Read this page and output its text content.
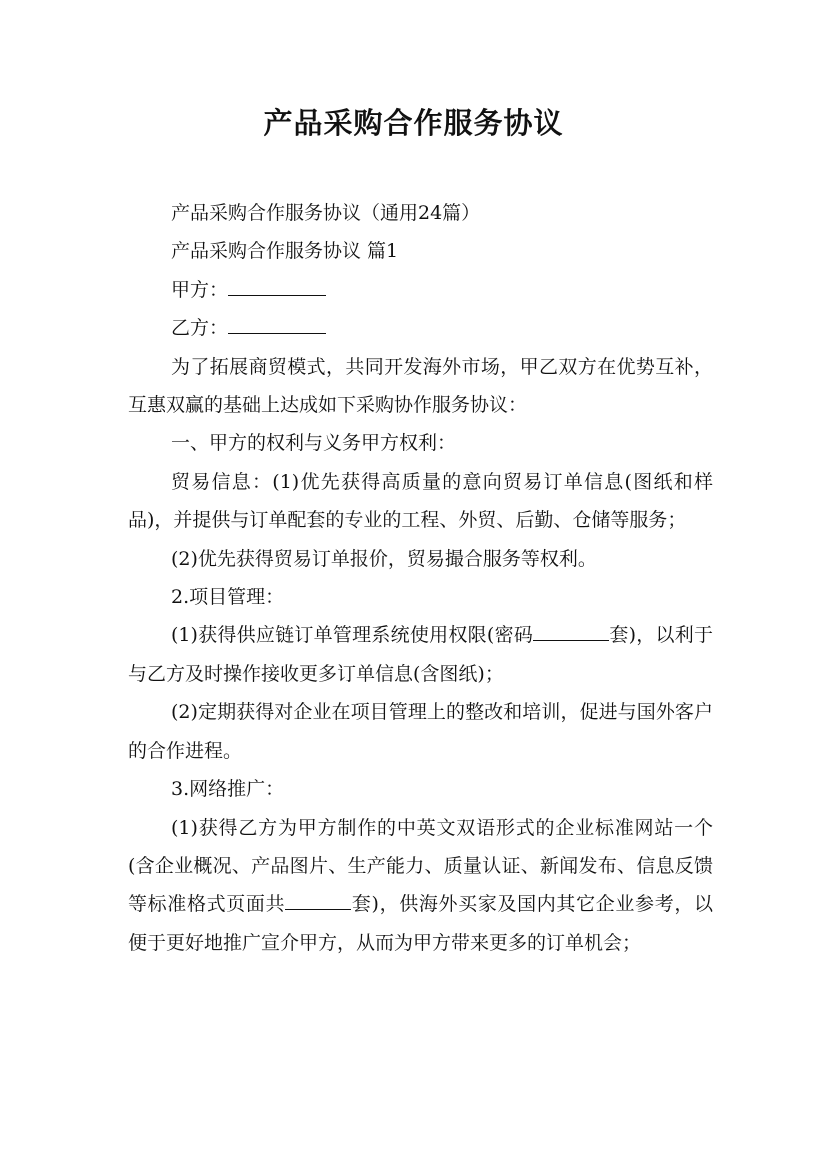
产品采购合作服务协议

产品采购合作服务协议（通用24篇）

产品采购合作服务协议 篇1

甲方：

乙方：

为了拓展商贸模式，共同开发海外市场，甲乙双方在优势互补，互惠双赢的基础上达成如下采购协作服务协议：

一、甲方的权利与义务甲方权利：

贸易信息：(1)优先获得高质量的意向贸易订单信息(图纸和样品)，并提供与订单配套的专业的工程、外贸、后勤、仓储等服务；

(2)优先获得贸易订单报价，贸易撮合服务等权利。

2.项目管理：

(1)获得供应链订单管理系统使用权限(密码	套)，以利于与乙方及时操作接收更多订单信息(含图纸)；

(2)定期获得对企业在项目管理上的整改和培训，促进与国外客户的合作进程。

3.网络推广：

(1)获得乙方为甲方制作的中英文双语形式的企业标准网站一个(含企业概况、产品图片、生产能力、质量认证、新闻发布、信息反馈等标准格式页面共	套)，供海外买家及国内其它企业参考，以便于更好地推广宣介甲方，从而为甲方带来更多的订单机会；
